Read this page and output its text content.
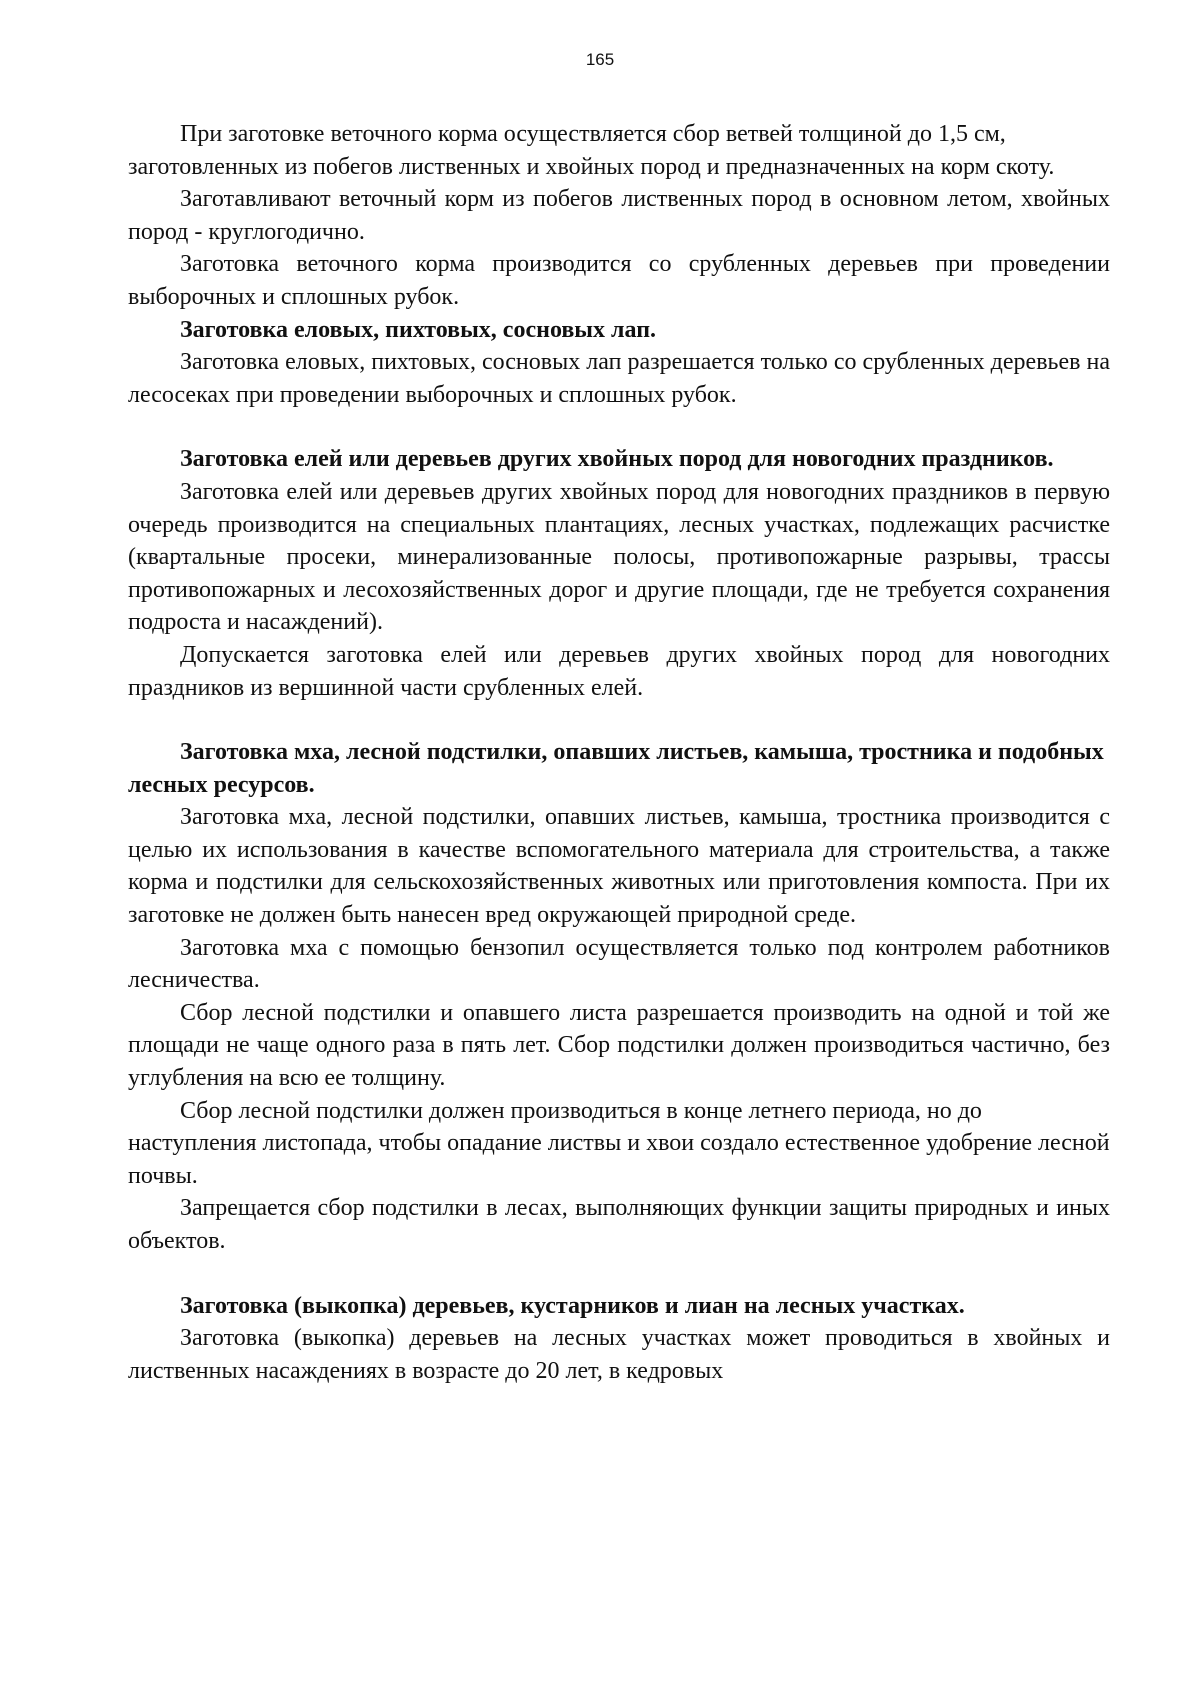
165

При заготовке веточного корма осуществляется сбор ветвей толщиной до 1,5 см, заготовленных из побегов лиственных и хвойных пород и предназначенных на корм скоту.

Заготавливают веточный корм из побегов лиственных пород в основном летом, хвойных пород - круглогодично.

Заготовка веточного корма производится со срубленных деревьев при проведении выборочных и сплошных рубок.

Заготовка еловых, пихтовых, сосновых лап.

Заготовка еловых, пихтовых, сосновых лап разрешается только со срубленных деревьев на лесосеках при проведении выборочных и сплошных рубок.

Заготовка елей или деревьев других хвойных пород для новогодних праздников.

Заготовка елей или деревьев других хвойных пород для новогодних праздников в первую очередь производится на специальных плантациях, лесных участках, подлежащих расчистке (квартальные просеки, минерализованные полосы, противопожарные разрывы, трассы противопожарных и лесохозяйственных дорог и другие площади, где не требуется сохранения подроста и насаждений).

Допускается заготовка елей или деревьев других хвойных пород для новогодних праздников из вершинной части срубленных елей.

Заготовка мха, лесной подстилки, опавших листьев, камыша, тростника и подобных лесных ресурсов.

Заготовка мха, лесной подстилки, опавших листьев, камыша, тростника производится с целью их использования в качестве вспомогательного материала для строительства, а также корма и подстилки для сельскохозяйственных животных или приготовления компоста. При их заготовке не должен быть нанесен вред окружающей природной среде.

Заготовка мха с помощью бензопил осуществляется только под контролем работников лесничества.

Сбор лесной подстилки и опавшего листа разрешается производить на одной и той же площади не чаще одного раза в пять лет. Сбор подстилки должен производиться частично, без углубления на всю ее толщину.

Сбор лесной подстилки должен производиться в конце летнего периода, но до наступления листопада, чтобы опадание листвы и хвои создало естественное удобрение лесной почвы.

Запрещается сбор подстилки в лесах, выполняющих функции защиты природных и иных объектов.

Заготовка (выкопка) деревьев, кустарников и лиан на лесных участках.

Заготовка (выкопка) деревьев на лесных участках может проводиться в хвойных и лиственных насаждениях в возрасте до 20 лет, в кедровых
